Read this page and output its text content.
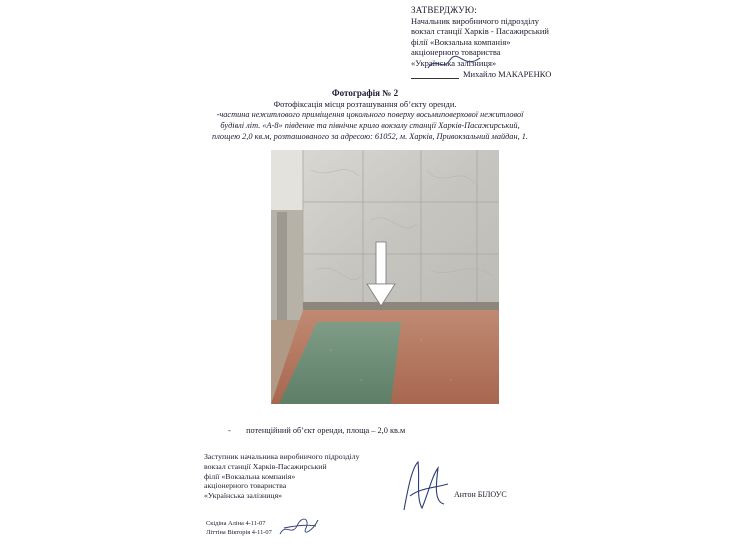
ЗАТВЕРДЖУЮ:
Начальник виробничого підрозділу
вокзал станції Харків - Пасажирський
філії «Вокзальна компанія»
акціонерного товариства
«Українська залізниця»
Михайло МАКАРЕНКО
Фотографія № 2
Фотофіксація місця розташування об’єкту оренди.
-частина нежитлового приміщення цокольного поверху восьмиповерхової нежитлової
будівлі літ. «А-8» південне та північне крило вокзалу станції Харків-Пасажирський,
площею 2,0 кв.м, розташованого за адресою: 61052, м. Харків, Привокзальний майдан, 1.
- потенційний об’єкт оренди, площа – 2,0 кв.м
Заступник начальника виробничого підрозділу
вокзал станції Харків-Пасажирський
філії «Вокзальна компанія»
акціонерного товариства
«Українська залізниця»	Антон БІЛОУС
Скідіна Аліна 4-11-07
Літтіна Вікторія 4-11-07
